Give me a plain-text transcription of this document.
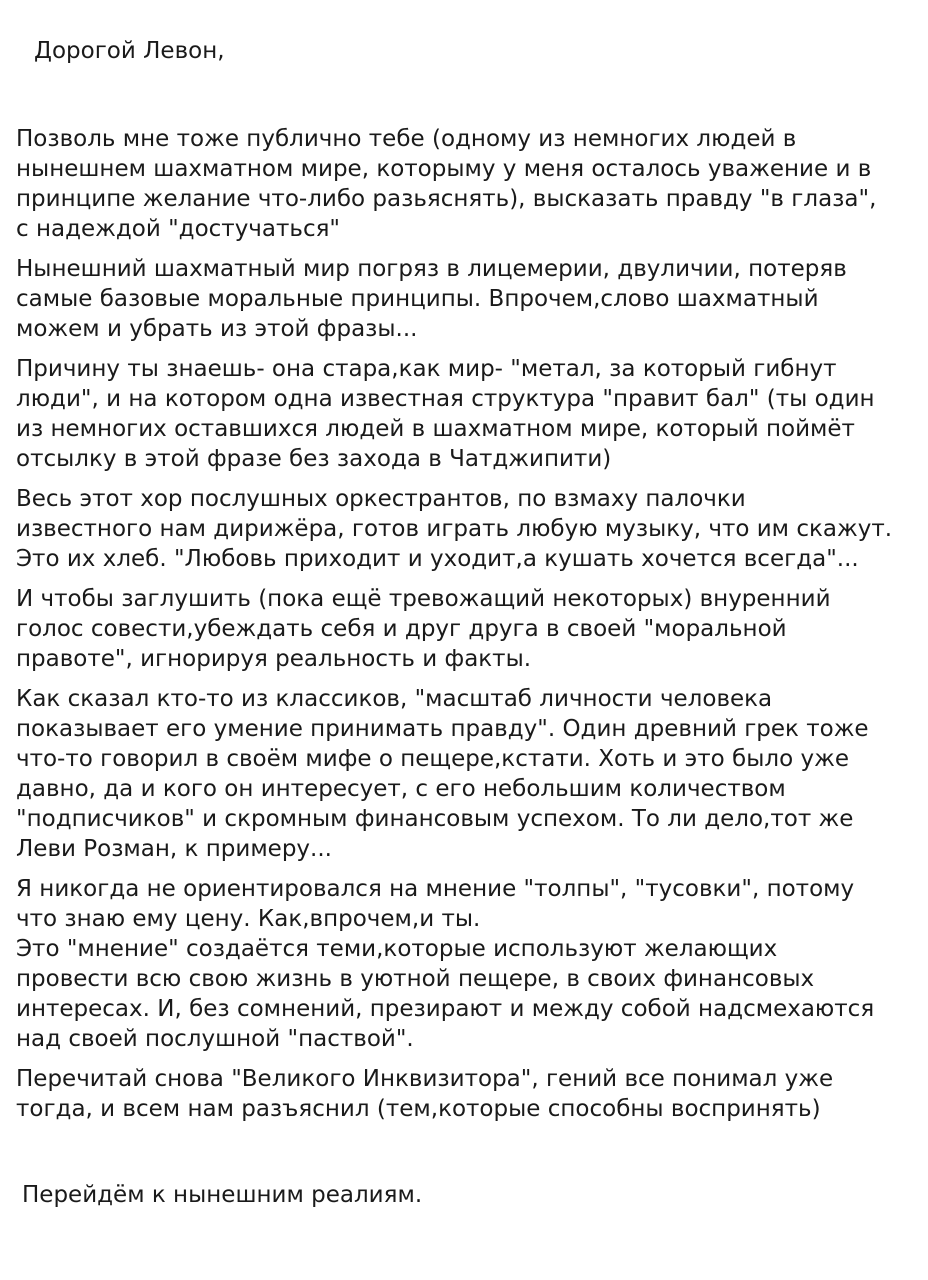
Дорогой Левон,

Позволь мне тоже публично тебе (одному из немногих людей в
нынешнем шахматном мире, которыму у меня осталось уважение и в
принципе желание что-либо разьяснять), высказать правду "в глаза",
с надеждой "достучаться"

Нынешний шахматный мир погряз в лицемерии, двуличии, потеряв
самые базовые моральные принципы. Впрочем,слово шахматный
можем и убрать из этой фразы...

Причину ты знаешь- она стара,как мир- "метал, за который гибнут
люди", и на котором одна известная структура "правит бал" (ты один
из немногих оставшихся людей в шахматном мире, который поймёт
отсылку в этой фразе без захода в Чатджипити)

Весь этот хор послушных оркестрантов, по взмаху палочки
известного нам дирижёра, готов играть любую музыку, что им скажут.
Это их хлеб. "Любовь приходит и уходит,а кушать хочется всегда"...

И чтобы заглушить (пока ещё тревожащий некоторых) внуренний
голос совести,убеждать себя и друг друга в своей "моральной
правоте", игнорируя реальность и факты.

Как сказал кто-то из классиков, "масштаб личности человека
показывает его умение принимать правду". Один древний грек тоже
что-то говорил в своём мифе о пещере,кстати. Хоть и это было уже
давно, да и кого он интересует, с его небольшим количеством
"подписчиков" и скромным финансовым успехом. То ли дело,тот же
Леви Розман, к примеру...

Я никогда не ориентировался на мнение "толпы", "тусовки", потому
что знаю ему цену. Как,впрочем,и ты.
Это "мнение" создаётся теми,которые используют желающих
провести всю свою жизнь в уютной пещере, в своих финансовых
интересах. И, без сомнений, презирают и между собой надсмехаются
над своей послушной "паствой".

Перечитай снова "Великого Инквизитора", гений все понимал уже
тогда, и всем нам разъяснил (тем,которые способны воспринять)

Перейдём к нынешним реалиям.
